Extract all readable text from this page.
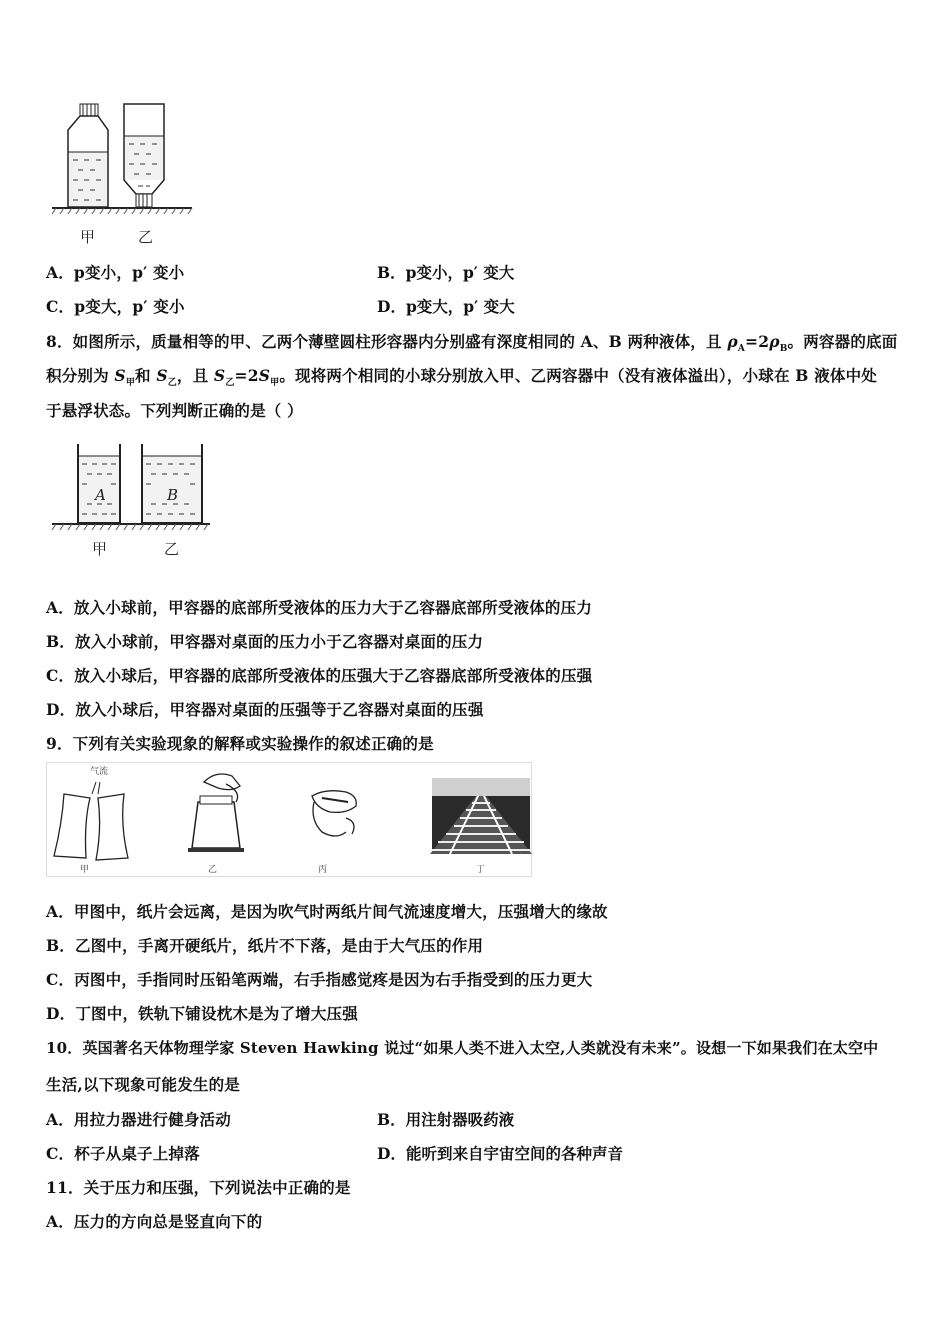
甲	乙
A．p变小，p′ 变小	B．p变小，p′ 变大
C．p变大，p′ 变小	D．p变大，p′ 变大
8．如图所示，质量相等的甲、乙两个薄壁圆柱形容器内分别盛有深度相同的 A、B 两种液体，且 $\rho_A=2\rho_B$。两容器的底面
积分别为 $S_甲$和 $S_乙$，且 $S_乙=2S_甲$。现将两个相同的小球分别放入甲、乙两容器中（没有液体溢出），小球在 B 液体中处
于悬浮状态。下列判断正确的是（ ）
A	B
甲	乙
A．放入小球前，甲容器的底部所受液体的压力大于乙容器底部所受液体的压力
B．放入小球前，甲容器对桌面的压力小于乙容器对桌面的压力
C．放入小球后，甲容器的底部所受液体的压强大于乙容器底部所受液体的压强
D．放入小球后，甲容器对桌面的压强等于乙容器对桌面的压强
9．下列有关实验现象的解释或实验操作的叙述正确的是
气流
甲	乙	丙	丁
A．甲图中，纸片会远离，是因为吹气时两纸片间气流速度增大，压强增大的缘故
B．乙图中，手离开硬纸片，纸片不下落，是由于大气压的作用
C．丙图中，手指同时压铅笔两端，右手指感觉疼是因为右手指受到的压力更大
D．丁图中，铁轨下铺设枕木是为了增大压强
10．英国著名天体物理学家 Steven Hawking 说过“如果人类不进入太空,人类就没有未来”。设想一下如果我们在太空中
生活,以下现象可能发生的是
A．用拉力器进行健身活动	B．用注射器吸药液
C．杯子从桌子上掉落	D．能听到来自宇宙空间的各种声音
11．关于压力和压强，下列说法中正确的是
A．压力的方向总是竖直向下的
